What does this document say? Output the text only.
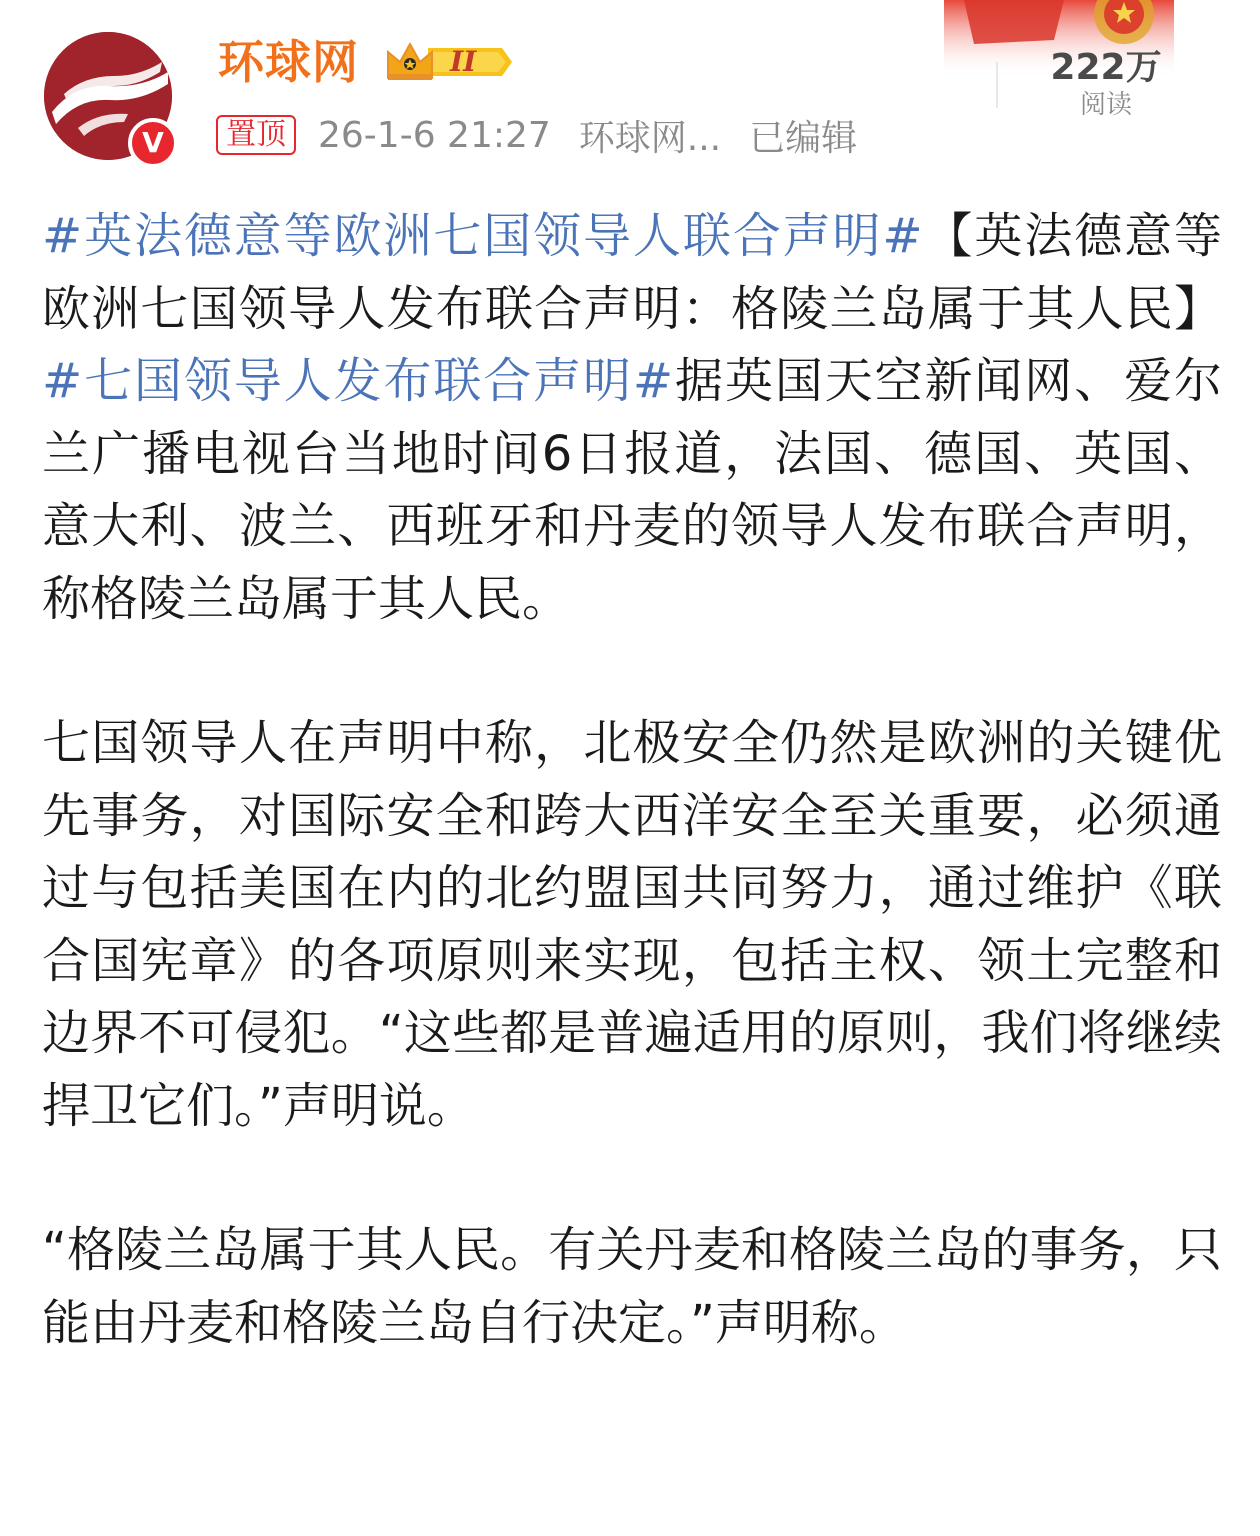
V
环球网	II
置顶 26-1-6 21:27 环球网... 已编辑
222万
阅读

#英法德意等欧洲七国领导人联合声明#【英法德意等欧洲七国领导人发布联合声明：格陵兰岛属于其人民】#七国领导人发布联合声明#据英国天空新闻网、爱尔兰广播电视台当地时间6日报道，法国、德国、英国、意大利、波兰、西班牙和丹麦的领导人发布联合声明，称格陵兰岛属于其人民。

七国领导人在声明中称，北极安全仍然是欧洲的关键优先事务，对国际安全和跨大西洋安全至关重要，必须通过与包括美国在内的北约盟国共同努力，通过维护《联合国宪章》的各项原则来实现，包括主权、领土完整和边界不可侵犯。“这些都是普遍适用的原则，我们将继续捍卫它们。”声明说。

“格陵兰岛属于其人民。有关丹麦和格陵兰岛的事务，只能由丹麦和格陵兰岛自行决定。”声明称。
